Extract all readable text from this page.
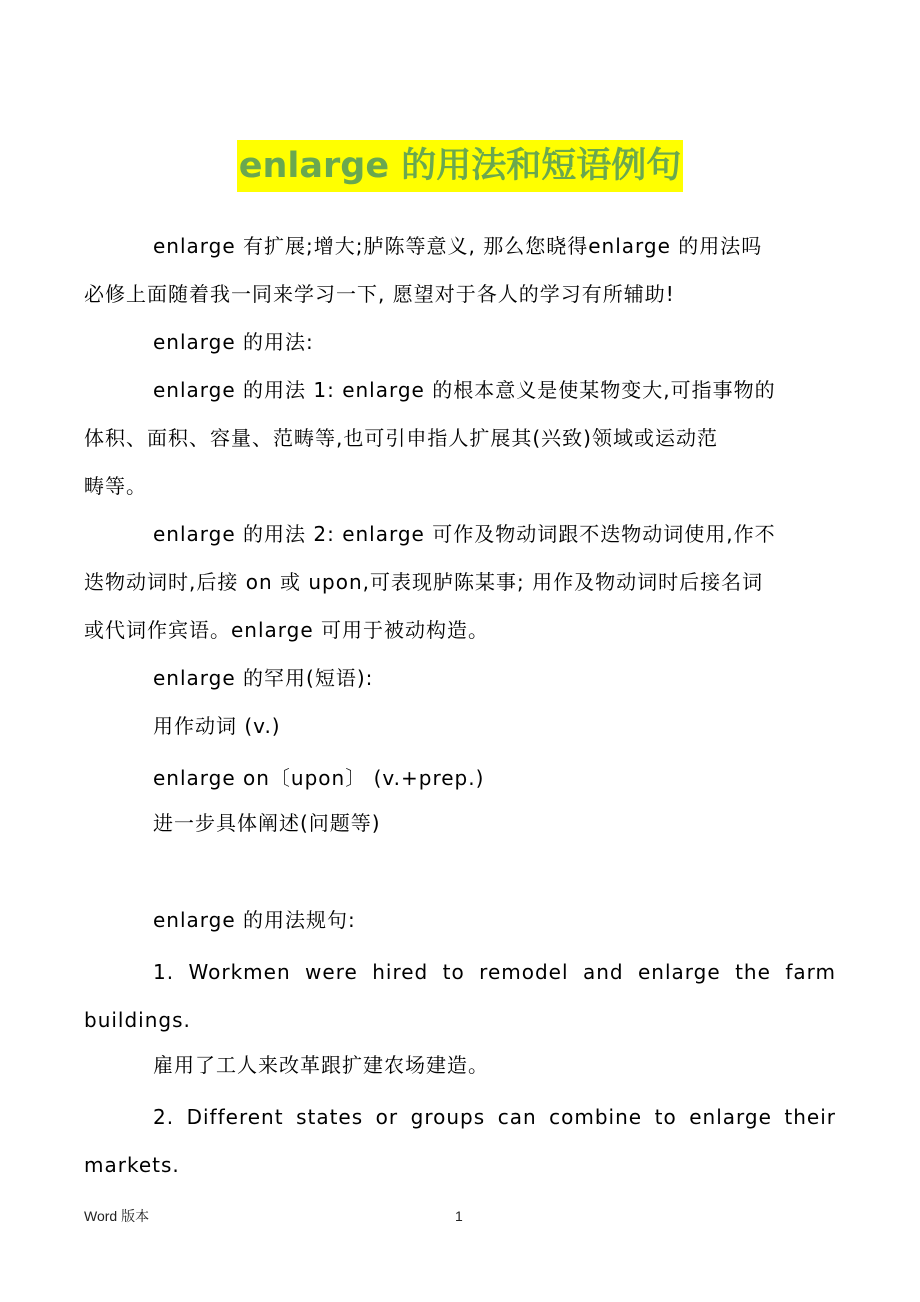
enlarge 的用法和短语例句
enlarge 有扩展;增大;胪陈等意义, 那么您晓得enlarge 的用法吗
必修上面随着我一同来学习一下, 愿望对于各人的学习有所辅助!
enlarge 的用法:
enlarge 的用法 1: enlarge 的根本意义是使某物变大,可指事物的
体积、面积、容量、范畴等,也可引申指人扩展其(兴致)领域或运动范
畴等。
enlarge 的用法 2: enlarge 可作及物动词跟不迭物动词使用,作不
迭物动词时,后接 on 或 upon,可表现胪陈某事; 用作及物动词时后接名词
或代词作宾语。enlarge 可用于被动构造。
enlarge 的罕用(短语):
用作动词 (v.)
enlarge on〔upon〕 (v.+prep.)
进一步具体阐述(问题等)
enlarge 的用法规句:
1. Workmen were hired to remodel and enlarge the farm
buildings.
雇用了工人来改革跟扩建农场建造。
2. Different states or groups can combine to enlarge their
markets.
Word 版本	1
